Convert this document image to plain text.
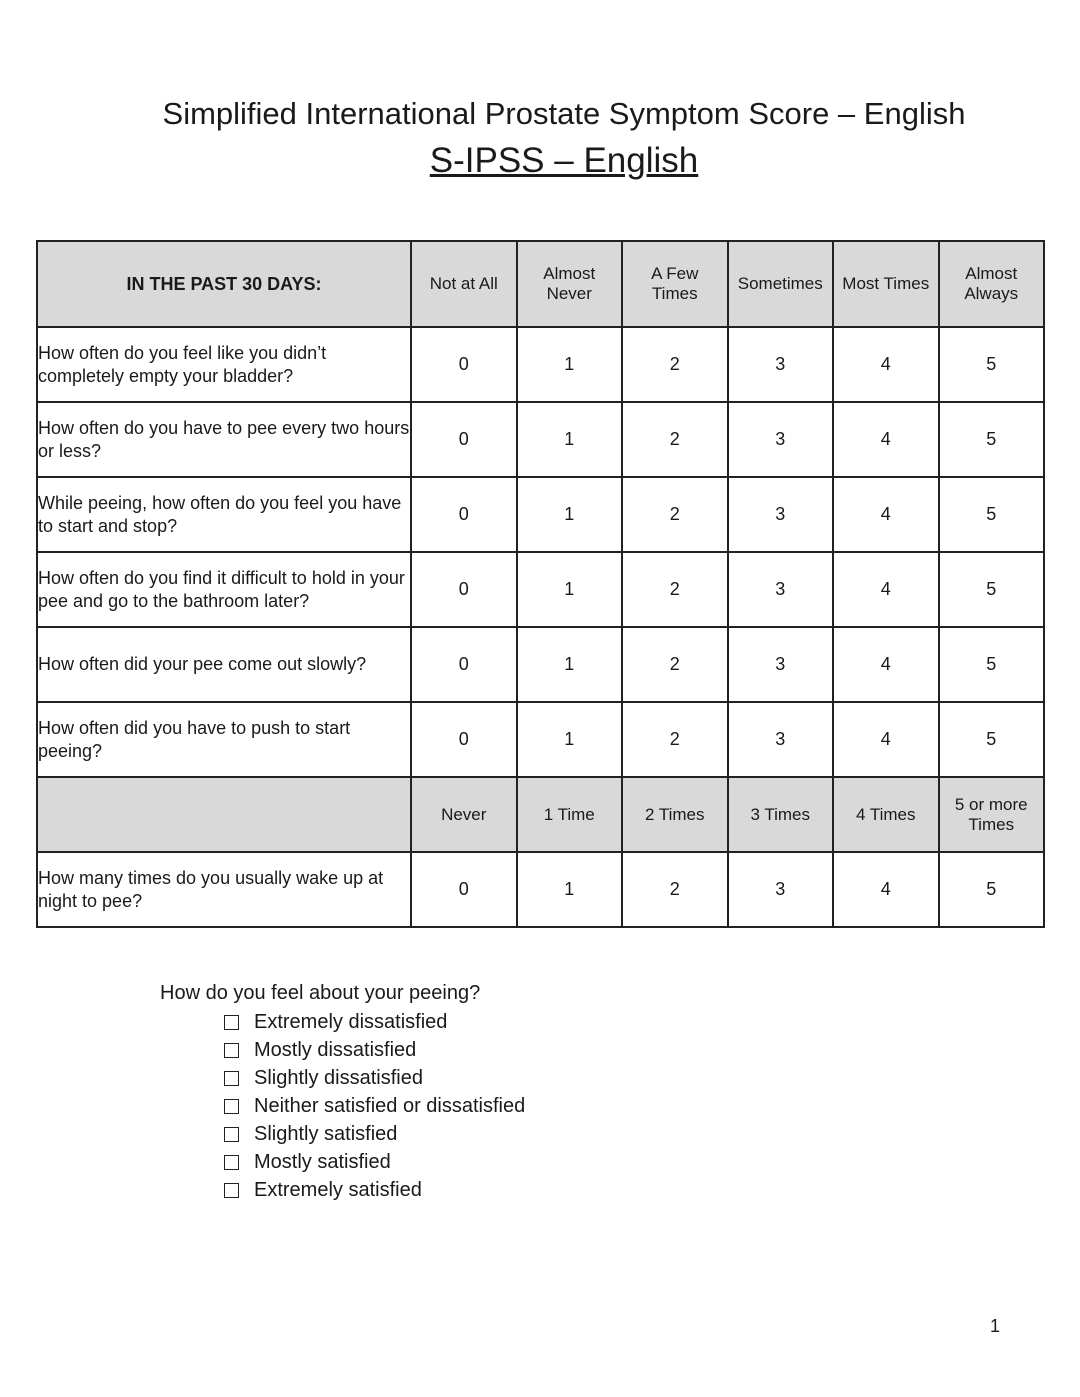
Simplified International Prostate Symptom Score – English
S-IPSS – English
IN THE PAST 30 DAYS:	Not at All	Almost Never	A Few Times	Sometimes	Most Times	Almost Always
How often do you feel like you didn’t completely empty your bladder?	0	1	2	3	4	5
How often do you have to pee every two hours or less?	0	1	2	3	4	5
While peeing, how often do you feel you have to start and stop?	0	1	2	3	4	5
How often do you find it difficult to hold in your pee and go to the bathroom later?	0	1	2	3	4	5
How often did your pee come out slowly?	0	1	2	3	4	5
How often did you have to push to start peeing?	0	1	2	3	4	5
	Never	1 Time	2 Times	3 Times	4 Times	5 or more Times
How many times do you usually wake up at night to pee?	0	1	2	3	4	5
How do you feel about your peeing?
Extremely dissatisfied
Mostly dissatisfied
Slightly dissatisfied
Neither satisfied or dissatisfied
Slightly satisfied
Mostly satisfied
Extremely satisfied
1
